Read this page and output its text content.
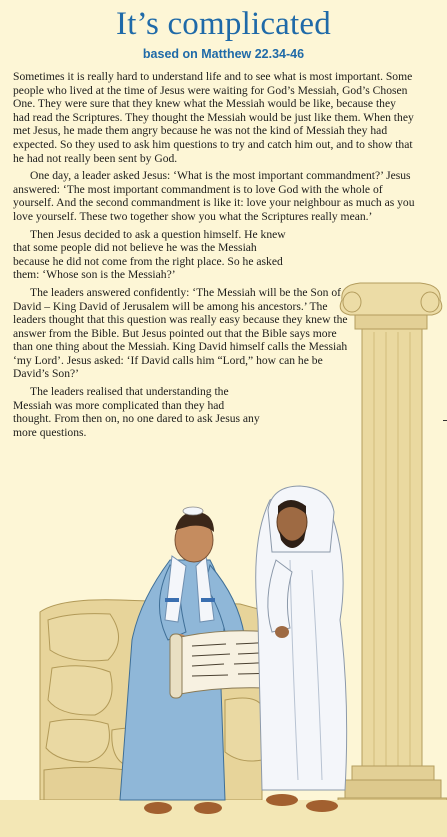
It’s complicated
based on Matthew 22.34-46

Sometimes it is really hard to understand life and to see what is most important. Some people who lived at the time of Jesus were waiting for God’s Messiah, God’s Chosen One. They were sure that they knew what the Messiah would be like, because they had read the Scriptures. They thought the Messiah would be just like them. When they met Jesus, he made them angry because he was not the kind of Messiah they had expected. So they used to ask him questions to try and catch him out, and to show that he had not really been sent by God.

One day, a leader asked Jesus: ‘What is the most important commandment?’ Jesus answered: ‘The most important commandment is to love God with the whole of yourself. And the second commandment is like it: love your neighbour as much as you love yourself. These two together show you what the Scriptures really mean.’

Then Jesus decided to ask a question himself. He knew that some people did not believe he was the Messiah because he did not come from the right place. So he asked them: ‘Whose son is the Messiah?’

The leaders answered confidently: ‘The Messiah will be the Son of David – King David of Jerusalem will be among his ancestors.’ The leaders thought that this question was really easy because they knew the answer from the Bible. But Jesus pointed out that the Bible says more than one thing about the Messiah. King David himself calls the Messiah ‘my Lord’. Jesus asked: ‘If David calls him “Lord,” how can he be David’s Son?’

The leaders realised that understanding the Messiah was more complicated than they had thought. From then on, no one dared to ask Jesus any more questions.
